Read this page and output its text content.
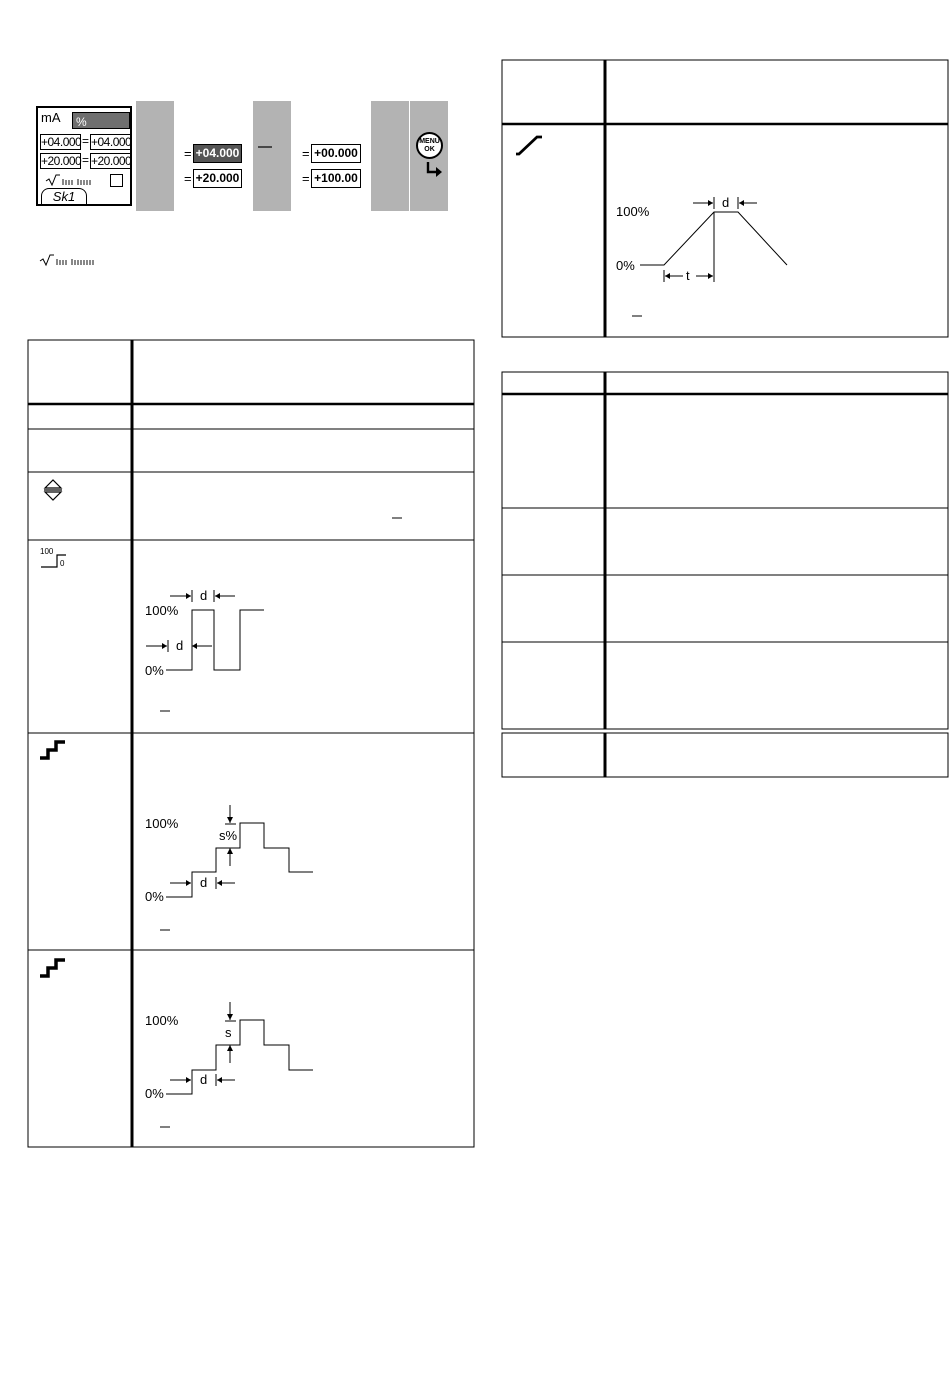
mA	%
+04.000 = +04.000
+20.000 = +20.000
Sk1
= +04.000
= +20.000
= +00.000
= +100.00
MENU
OK
100
0
100%
0%
d
d
100%
0%
s%
d
100%
0%
s
d
100%
0%
d
t
